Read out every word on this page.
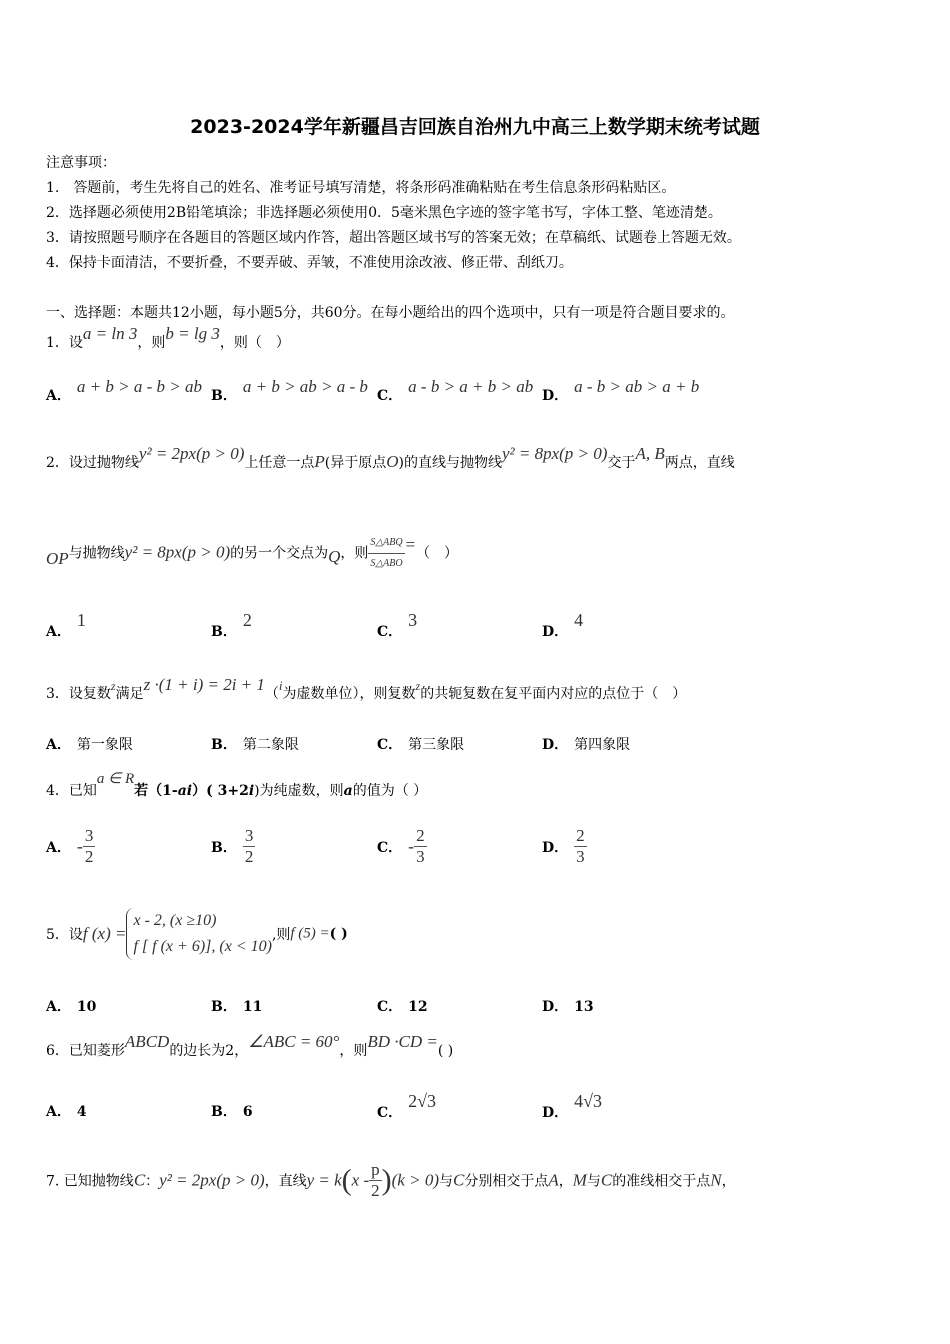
2023-2024学年新疆昌吉回族自治州九中高三上数学期末统考试题
注意事项：
1.　答题前，考生先将自己的姓名、准考证号填写清楚，将条形码准确粘贴在考生信息条形码粘贴区。
2．选择题必须使用2B铅笔填涂；非选择题必须使用0．5毫米黑色字迹的签字笔书写，字体工整、笔迹清楚。
3．请按照题号顺序在各题目的答题区域内作答，超出答题区域书写的答案无效；在草稿纸、试题卷上答题无效。
4．保持卡面清洁，不要折叠，不要弄破、弄皱，不准使用涂改液、修正带、刮纸刀。
一、选择题：本题共12小题，每小题5分，共60分。在每小题给出的四个选项中，只有一项是符合题目要求的。
1．设a = ln 3，则b = lg 3，则（　）
A． a + b > a - b > ab B． a + b > ab > a - b C． a - b > a + b > ab D． a - b > ab > a + b
2．设过抛物线y² = 2px(p > 0)上任意一点P(异于原点O)的直线与抛物线y² = 8px(p > 0)交于A, B两点，直线
OP与抛物线y² = 8px(p > 0)的另一个交点为Q，则 $\frac{\text{S△ABQ}}{\text{S△ABO}}$ =（　）
A．1
B．2
C．3
D．4
3．设复数z满足z ·(1 + i) = 2i + 1（i为虚数单位），则复数z的共轭复数在复平面内对应的点位于（　）
A． 第一象限	B． 第二象限	C． 第三象限	D． 第四象限
4．已知a ∈ R若（1-ai）( 3+2i)为纯虚数，则a的值为（ ）
A． - $\frac{3}{2}$	B． $\frac{3}{2}$	C． - $\frac{2}{3}$	D． $\frac{2}{3}$
5．设f (x) =
x - 2, (x ≥10)
f [ f (x + 6)], (x < 10)
,则f (5) =( )
A． 10	B． 11	C． 12	D． 13
6．已知菱形ABCD的边长为2，∠ABC = 60°，则BD ·CD =( )
A． 4	B． 6	C．2√3
D．4√3
7. 已知抛物线C：y² = 2px(p > 0)，直线$y = k(x - \frac{p}{2} )(k > 0)$与C分别相交于点A，M与C的准线相交于点N，
